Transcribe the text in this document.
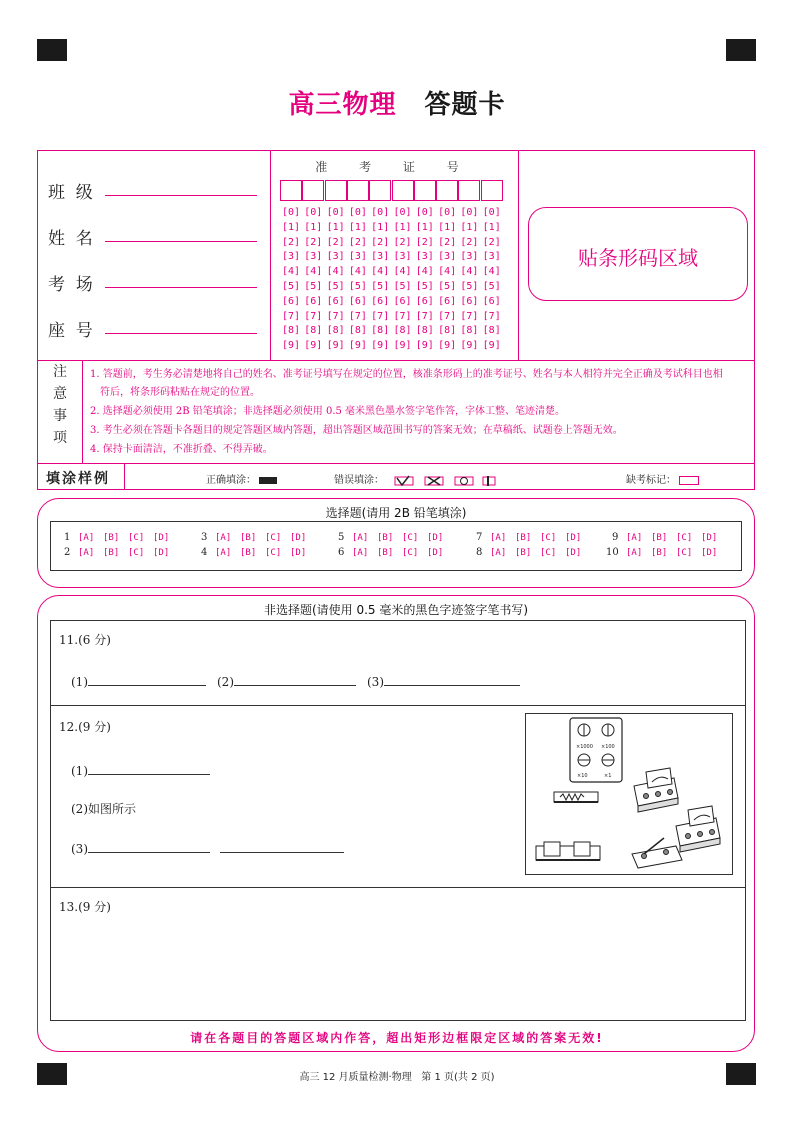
高三物理 答题卡
班  级
姓  名
考  场
座  号
准 考 证 号
[0] [0] [0] [0] [0] [0] [0] [0] [0] [0]
[1] [1] [1] [1] [1] [1] [1] [1] [1] [1]
[2] [2] [2] [2] [2] [2] [2] [2] [2] [2]
[3] [3] [3] [3] [3] [3] [3] [3] [3] [3]
[4] [4] [4] [4] [4] [4] [4] [4] [4] [4]
[5] [5] [5] [5] [5] [5] [5] [5] [5] [5]
[6] [6] [6] [6] [6] [6] [6] [6] [6] [6]
[7] [7] [7] [7] [7] [7] [7] [7] [7] [7]
[8] [8] [8] [8] [8] [8] [8] [8] [8] [8]
[9] [9] [9] [9] [9] [9] [9] [9] [9] [9]
贴条形码区域
注
意
事
项
1. 答题前，考生务必清楚地将自己的姓名、准考证号填写在规定的位置，核准条形码上的准考证号、姓名与本人相符并完全正确及考试科目也相
符后，将条形码粘贴在规定的位置。
2. 选择题必须使用 2B 铅笔填涂；非选择题必须使用 0.5 毫米黑色墨水签字笔作答，字体工整、笔迹清楚。
3. 考生必须在答题卡各题目的规定答题区域内答题，超出答题区域范围书写的答案无效；在草稿纸、试题卷上答题无效。
4. 保持卡面清洁，不准折叠、不得弄破。
填涂样例	正确填涂：	错误填涂：	缺考标记：
选择题(请用 2B 铅笔填涂)
1 [A] [B] [C] [D]
2 [A] [B] [C] [D]
3 [A] [B] [C] [D]
4 [A] [B] [C] [D]
5 [A] [B] [C] [D]
6 [A] [B] [C] [D]
7 [A] [B] [C] [D]
8 [A] [B] [C] [D]
9 [A] [B] [C] [D]
10 [A] [B] [C] [D]
非选择题(请使用 0.5 毫米的黑色字迹签字笔书写)
11.(6 分)
(1)	(2)	(3)
12.(9 分)
(1)
(2)如图所示
(3)
×1000 ×100
×10	×1
13.(9 分)
请在各题目的答题区域内作答，超出矩形边框限定区域的答案无效!
高三 12 月质量检测·物理   第 1 页(共 2 页)
